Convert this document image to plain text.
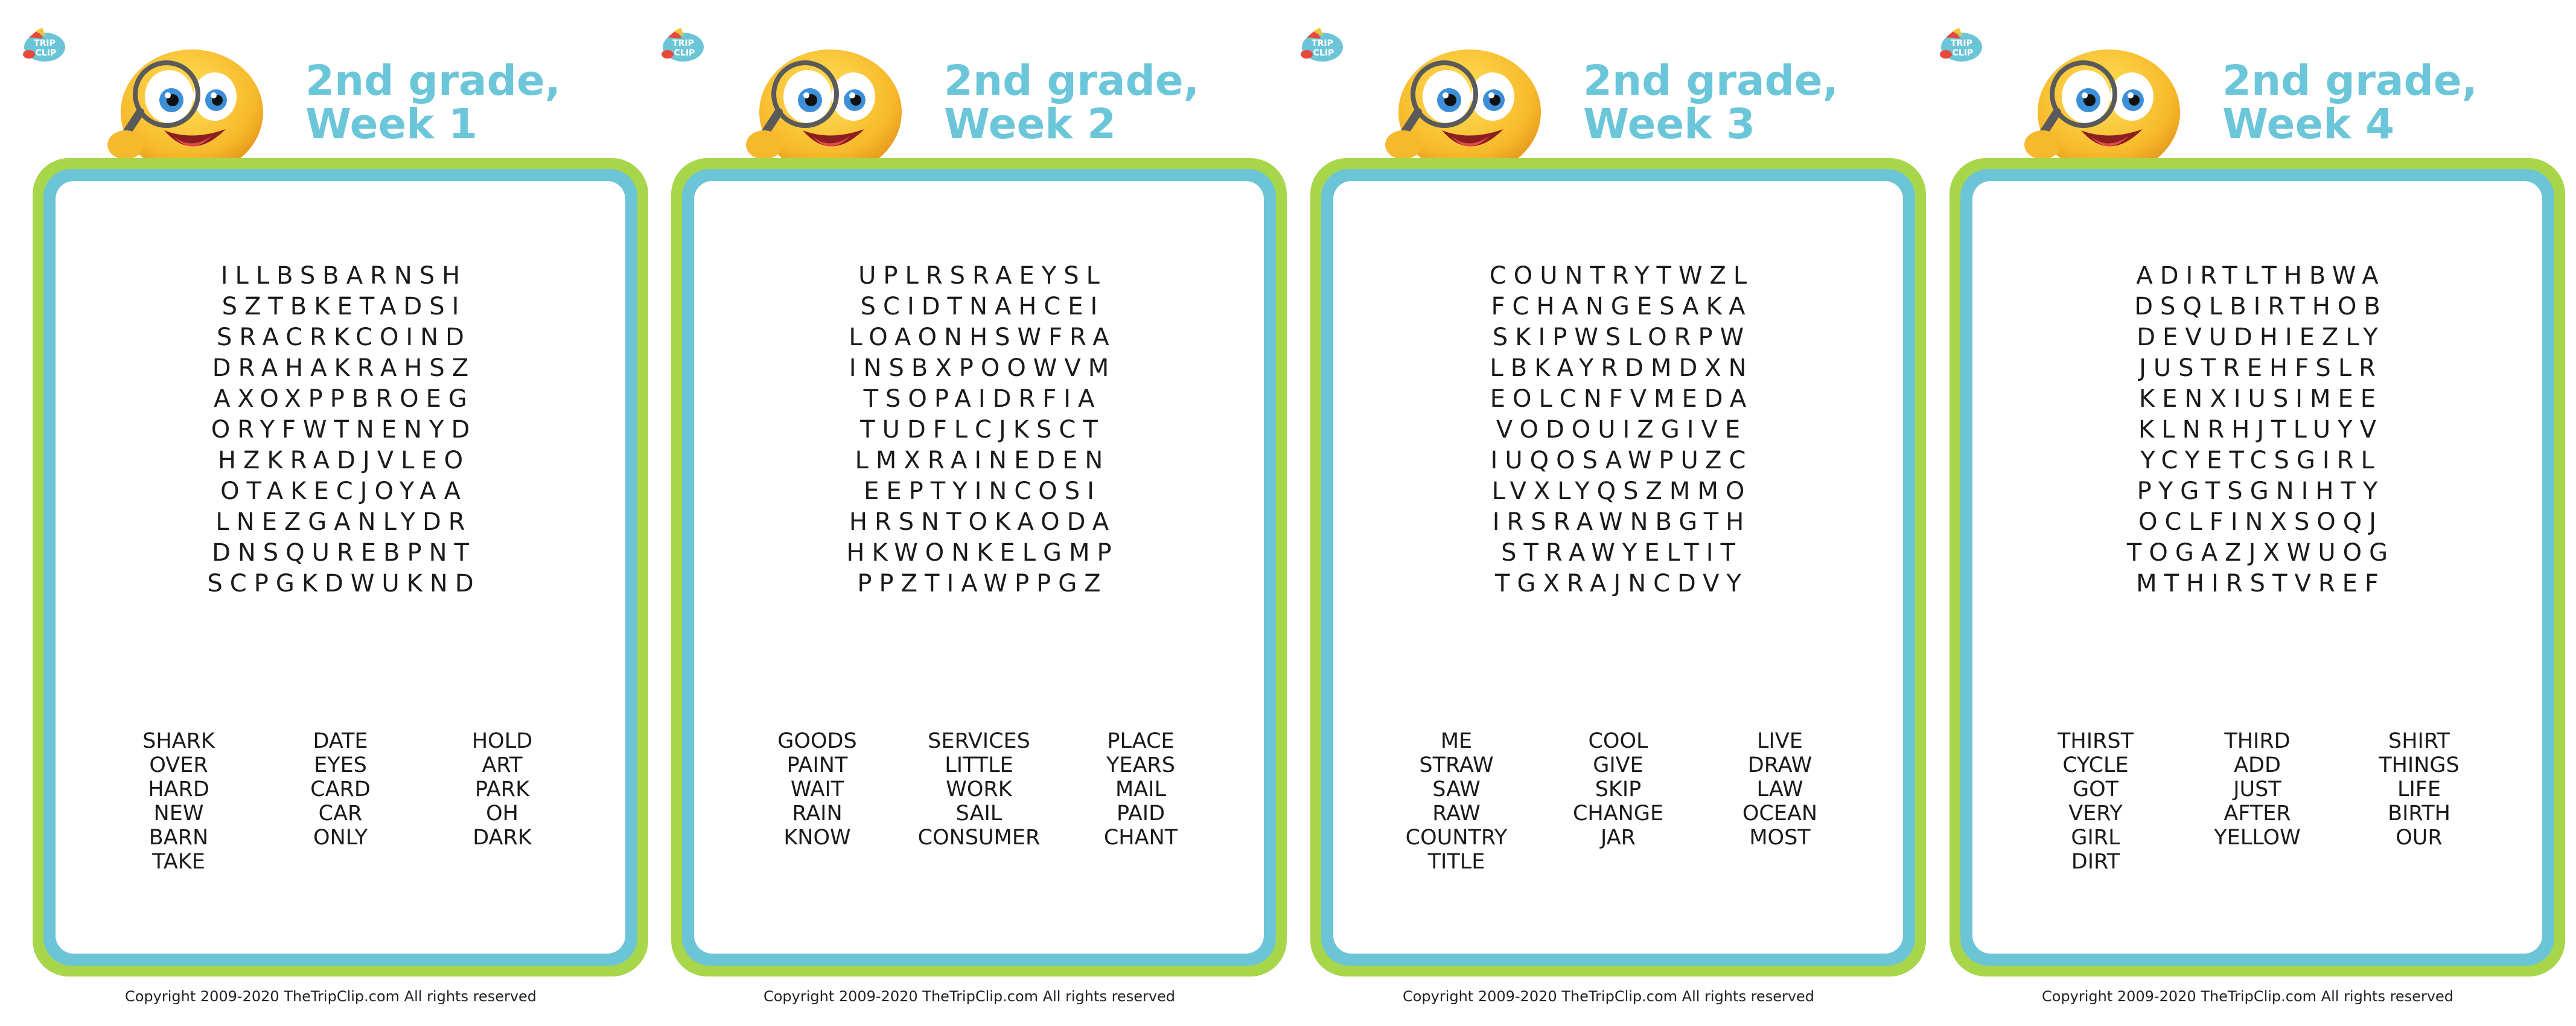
TRIP
CLIP
2nd grade,
Week 1
ILLBSBARNSH
SZTBKETADSI
SRACRKCOIND
DRAHAKRAHSZ
AXOXPPBROEG
ORYFWTNENYD
HZKRADJVLEO
OTAKECJOYAA
LNEZGANLYDR
DNSQUREBPNT
SCPGKDWUKND
SHARK
OVER
HARD
NEW
BARN
TAKE
DATE
EYES
CARD
CAR
ONLY
HOLD
ART
PARK
OH
DARK
Copyright 2009-2020 TheTripClip.com All rights reserved
TRIP
CLIP
2nd grade,
Week 2
UPLRSRAEYSL
SCIDTNAHCEI
LOAONHSWFRA
INSBXPOOWVM
TSOPAIDRFIA
TUDFLCJKSCT
LMXRAINEDEN
EEPTYINCOSI
HRSNTOKAODA
HKWONKELGMP
PPZTIAWPPGZ
GOODS
PAINT
WAIT
RAIN
KNOW
SERVICES
LITTLE
WORK
SAIL
CONSUMER
PLACE
YEARS
MAIL
PAID
CHANT
Copyright 2009-2020 TheTripClip.com All rights reserved
TRIP
CLIP
2nd grade,
Week 3
COUNTRYTWZL
FCHANGESAKA
SKIPWSLORPW
LBKAYRDMDXN
EOLCNFVMEDA
VODOUIZGIVE
IUQOSAWPUZC
LVXLYQSZMMO
IRSRAWNBGTH
STRAWYELTIT
TGXRAJNCDVY
ME
STRAW
SAW
RAW
COUNTRY
TITLE
COOL
GIVE
SKIP
CHANGE
JAR
LIVE
DRAW
LAW
OCEAN
MOST
Copyright 2009-2020 TheTripClip.com All rights reserved
TRIP
CLIP
2nd grade,
Week 4
ADIRTLTHBWA
DSQLBIRTHOB
DEVUDHIEZLY
JUSTREHFSLR
KENXIUSIMEE
KLNRHJTLUYV
YCYETCSGIRL
PYGTSGNIHTY
OCLFINXSOQJ
TOGAZJXWUOG
MTHIRSTVREF
THIRST
CYCLE
GOT
VERY
GIRL
DIRT
THIRD
ADD
JUST
AFTER
YELLOW
SHIRT
THINGS
LIFE
BIRTH
OUR
Copyright 2009-2020 TheTripClip.com All rights reserved
